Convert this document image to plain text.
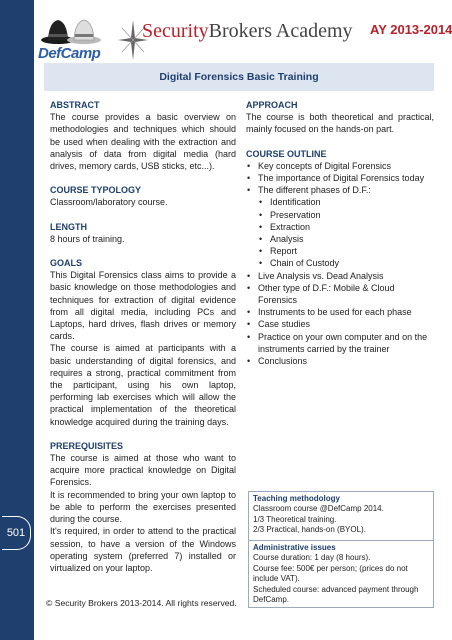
501
DefCamp
SecurityBrokers Academy AY 2013-2014
Digital Forensics Basic Training

ABSTRACT

The course provides a basic overview on methodologies and techniques which should be used when dealing with the extraction and analysis of data from digital media (hard drives, memory cards, USB sticks, etc...).

COURSE TYPOLOGY

Classroom/laboratory course.

LENGTH

8 hours of training.

GOALS

This Digital Forensics class aims to provide a basic knowledge on those methodologies and techniques for extraction of digital evidence from all digital media, including PCs and Laptops, hard drives, flash drives or memory cards.

The course is aimed at participants with a basic understanding of digital forensics, and requires a strong, practical commitment from the participant, using his own laptop, performing lab exercises which will allow the practical implementation of the theoretical knowledge acquired during the training days.

PREREQUISITES

The course is aimed at those who want to acquire more practical knowledge on Digital Forensics.

It is recommended to bring your own laptop to be able to perform the exercises presented during the course.

It's required, in order to attend to the practical session, to have a version of the Windows operating system (preferred 7) installed or virtualized on your laptop.

APPROACH

The course is both theoretical and practical, mainly focused on the hands-on part.

COURSE OUTLINE

• Key concepts of Digital Forensics
• The importance of Digital Forensics today
• The different phases of D.F.:
• Identification
• Preservation
• Extraction
• Analysis
• Report
• Chain of Custody
• Live Analysis vs. Dead Analysis
• Other type of D.F.: Mobile & Cloud Forensics
• Instruments to be used for each phase
• Case studies
• Practice on your own computer and on the instruments carried by the trainer
• Conclusions
Teaching methodology
Classroom course @DefCamp 2014.
1/3 Theoretical training.
2/3 Practical, hands-on (BYOL).
Administrative issues
Course duration: 1 day (8 hours).
Course fee: 500€ per person; (prices do not include VAT).
Scheduled course: advanced payment through DefCamp.
© Security Brokers 2013-2014. All rights reserved.
